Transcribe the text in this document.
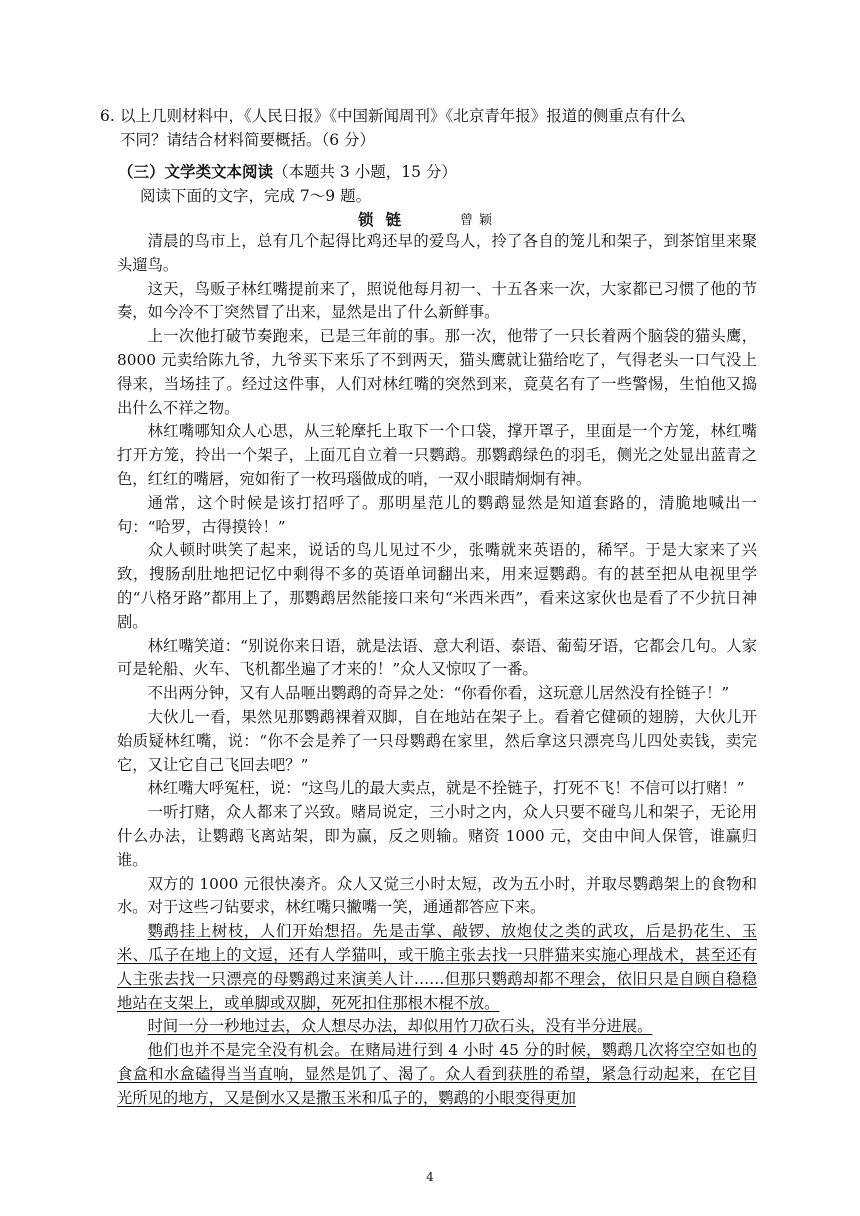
6. 以上几则材料中，《人民日报》《中国新闻周刊》《北京青年报》报道的侧重点有什么
不同？请结合材料简要概括。（6 分）
（三）文学类文本阅读（本题共 3 小题，15 分）
阅读下面的文字，完成 7～9 题。
锁链	曾颖

清晨的鸟市上，总有几个起得比鸡还早的爱鸟人，拎了各自的笼儿和架子，到茶馆里来聚头遛鸟。

这天，鸟贩子林红嘴提前来了，照说他每月初一、十五各来一次，大家都已习惯了他的节奏，如今冷不丁突然冒了出来，显然是出了什么新鲜事。

上一次他打破节奏跑来，已是三年前的事。那一次，他带了一只长着两个脑袋的猫头鹰，8000 元卖给陈九爷，九爷买下来乐了不到两天，猫头鹰就让猫给吃了，气得老头一口气没上得来，当场挂了。经过这件事，人们对林红嘴的突然到来，竟莫名有了一些警惕，生怕他又捣出什么不祥之物。

林红嘴哪知众人心思，从三轮摩托上取下一个口袋，撑开罩子，里面是一个方笼，林红嘴打开方笼，拎出一个架子，上面兀自立着一只鹦鹉。那鹦鹉绿色的羽毛，侧光之处显出蓝青之色，红红的嘴唇，宛如衔了一枚玛瑙做成的哨，一双小眼睛炯炯有神。

通常，这个时候是该打招呼了。那明星范儿的鹦鹉显然是知道套路的，清脆地喊出一句：“哈罗，古得摸铃！”

众人顿时哄笑了起来，说话的鸟儿见过不少，张嘴就来英语的，稀罕。于是大家来了兴致，搜肠刮肚地把记忆中剩得不多的英语单词翻出来，用来逗鹦鹉。有的甚至把从电视里学的“八格牙路”都用上了，那鹦鹉居然能接口来句“米西米西”，看来这家伙也是看了不少抗日神剧。

林红嘴笑道：“别说你来日语，就是法语、意大利语、泰语、葡萄牙语，它都会几句。人家可是轮船、火车、飞机都坐遍了才来的！”众人又惊叹了一番。

不出两分钟，又有人品咂出鹦鹉的奇异之处：“你看你看，这玩意儿居然没有拴链子！”

大伙儿一看，果然见那鹦鹉裸着双脚，自在地站在架子上。看着它健硕的翅膀，大伙儿开始质疑林红嘴，说：“你不会是养了一只母鹦鹉在家里，然后拿这只漂亮鸟儿四处卖钱，卖完它，又让它自己飞回去吧？”

林红嘴大呼冤枉，说：“这鸟儿的最大卖点，就是不拴链子，打死不飞！不信可以打赌！”

一听打赌，众人都来了兴致。赌局说定，三小时之内，众人只要不碰鸟儿和架子，无论用什么办法，让鹦鹉飞离站架，即为赢，反之则输。赌资 1000 元，交由中间人保管，谁赢归谁。

双方的 1000 元很快凑齐。众人又觉三小时太短，改为五小时，并取尽鹦鹉架上的食物和水。对于这些刁钻要求，林红嘴只撇嘴一笑，通通都答应下来。

鹦鹉挂上树枝，人们开始想招。先是击掌、敲锣、放炮仗之类的武攻，后是扔花生、玉米、瓜子在地上的文逗，还有人学猫叫，或干脆主张去找一只胖猫来实施心理战术，甚至还有人主张去找一只漂亮的母鹦鹉过来演美人计……但那只鹦鹉却都不理会，依旧只是自顾自稳稳地站在支架上，或单脚或双脚，死死扣住那根木棍不放。

时间一分一秒地过去，众人想尽办法，却似用竹刀砍石头，没有半分进展。

他们也并不是完全没有机会。在赌局进行到 4 小时 45 分的时候，鹦鹉几次将空空如也的食盒和水盒磕得当当直响，显然是饥了、渴了。众人看到获胜的希望，紧急行动起来，在它目光所见的地方，又是倒水又是撒玉米和瓜子的，鹦鹉的小眼变得更加

4
